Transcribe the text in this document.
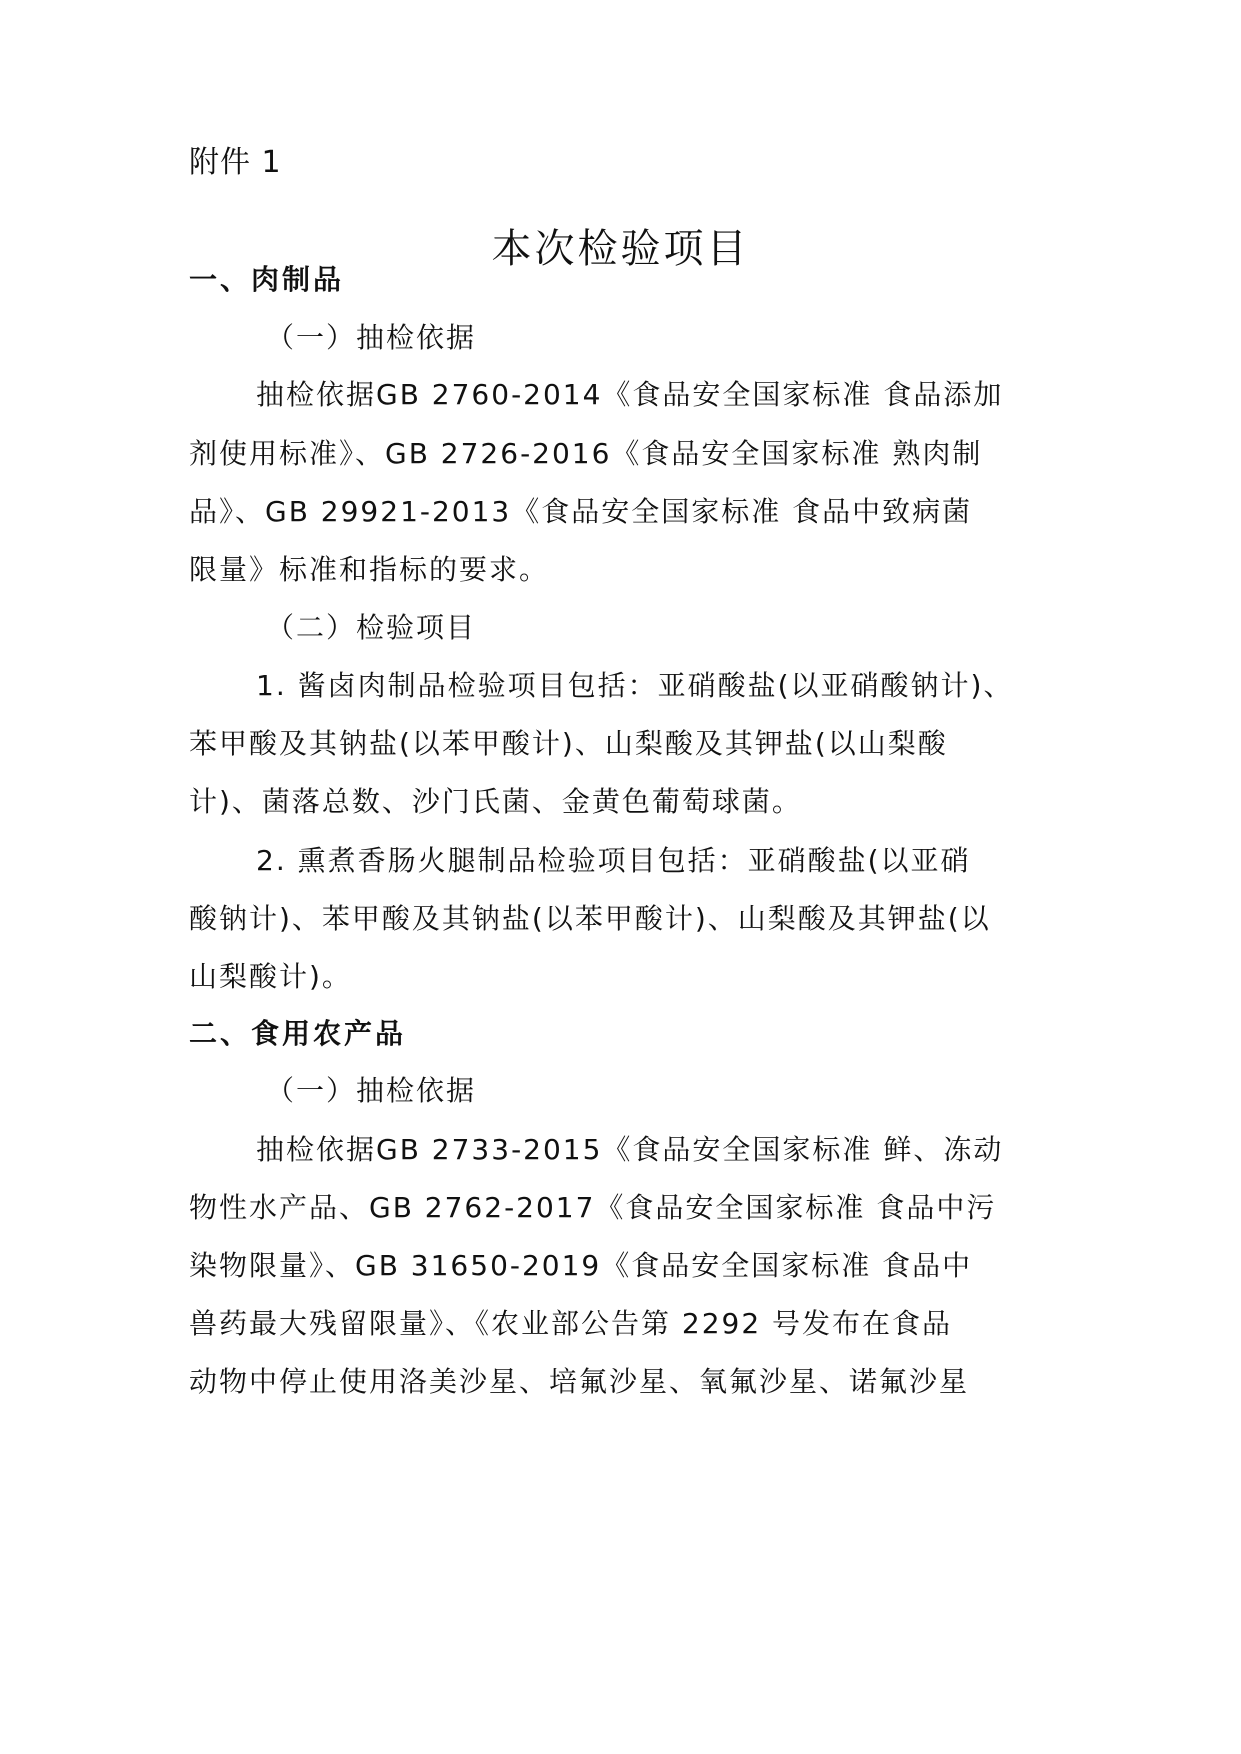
附件 1
本次检验项目
一、肉制品
（一）抽检依据
抽检依据GB 2760-2014《食品安全国家标准 食品添加
剂使用标准》、GB 2726-2016《食品安全国家标准 熟肉制
品》、GB 29921-2013《食品安全国家标准 食品中致病菌
限量》标准和指标的要求。
（二）检验项目
1. 酱卤肉制品检验项目包括：亚硝酸盐(以亚硝酸钠计)、
苯甲酸及其钠盐(以苯甲酸计)、山梨酸及其钾盐(以山梨酸
计)、菌落总数、沙门氏菌、金黄色葡萄球菌。
2. 熏煮香肠火腿制品检验项目包括：亚硝酸盐(以亚硝
酸钠计)、苯甲酸及其钠盐(以苯甲酸计)、山梨酸及其钾盐(以
山梨酸计)。
二、食用农产品
（一）抽检依据
抽检依据GB 2733-2015《食品安全国家标准 鲜、冻动
物性水产品、GB 2762-2017《食品安全国家标准 食品中污
染物限量》、GB 31650-2019《食品安全国家标准 食品中
兽药最大残留限量》、《农业部公告第 2292 号发布在食品
动物中停止使用洛美沙星、培氟沙星、氧氟沙星、诺氟沙星
